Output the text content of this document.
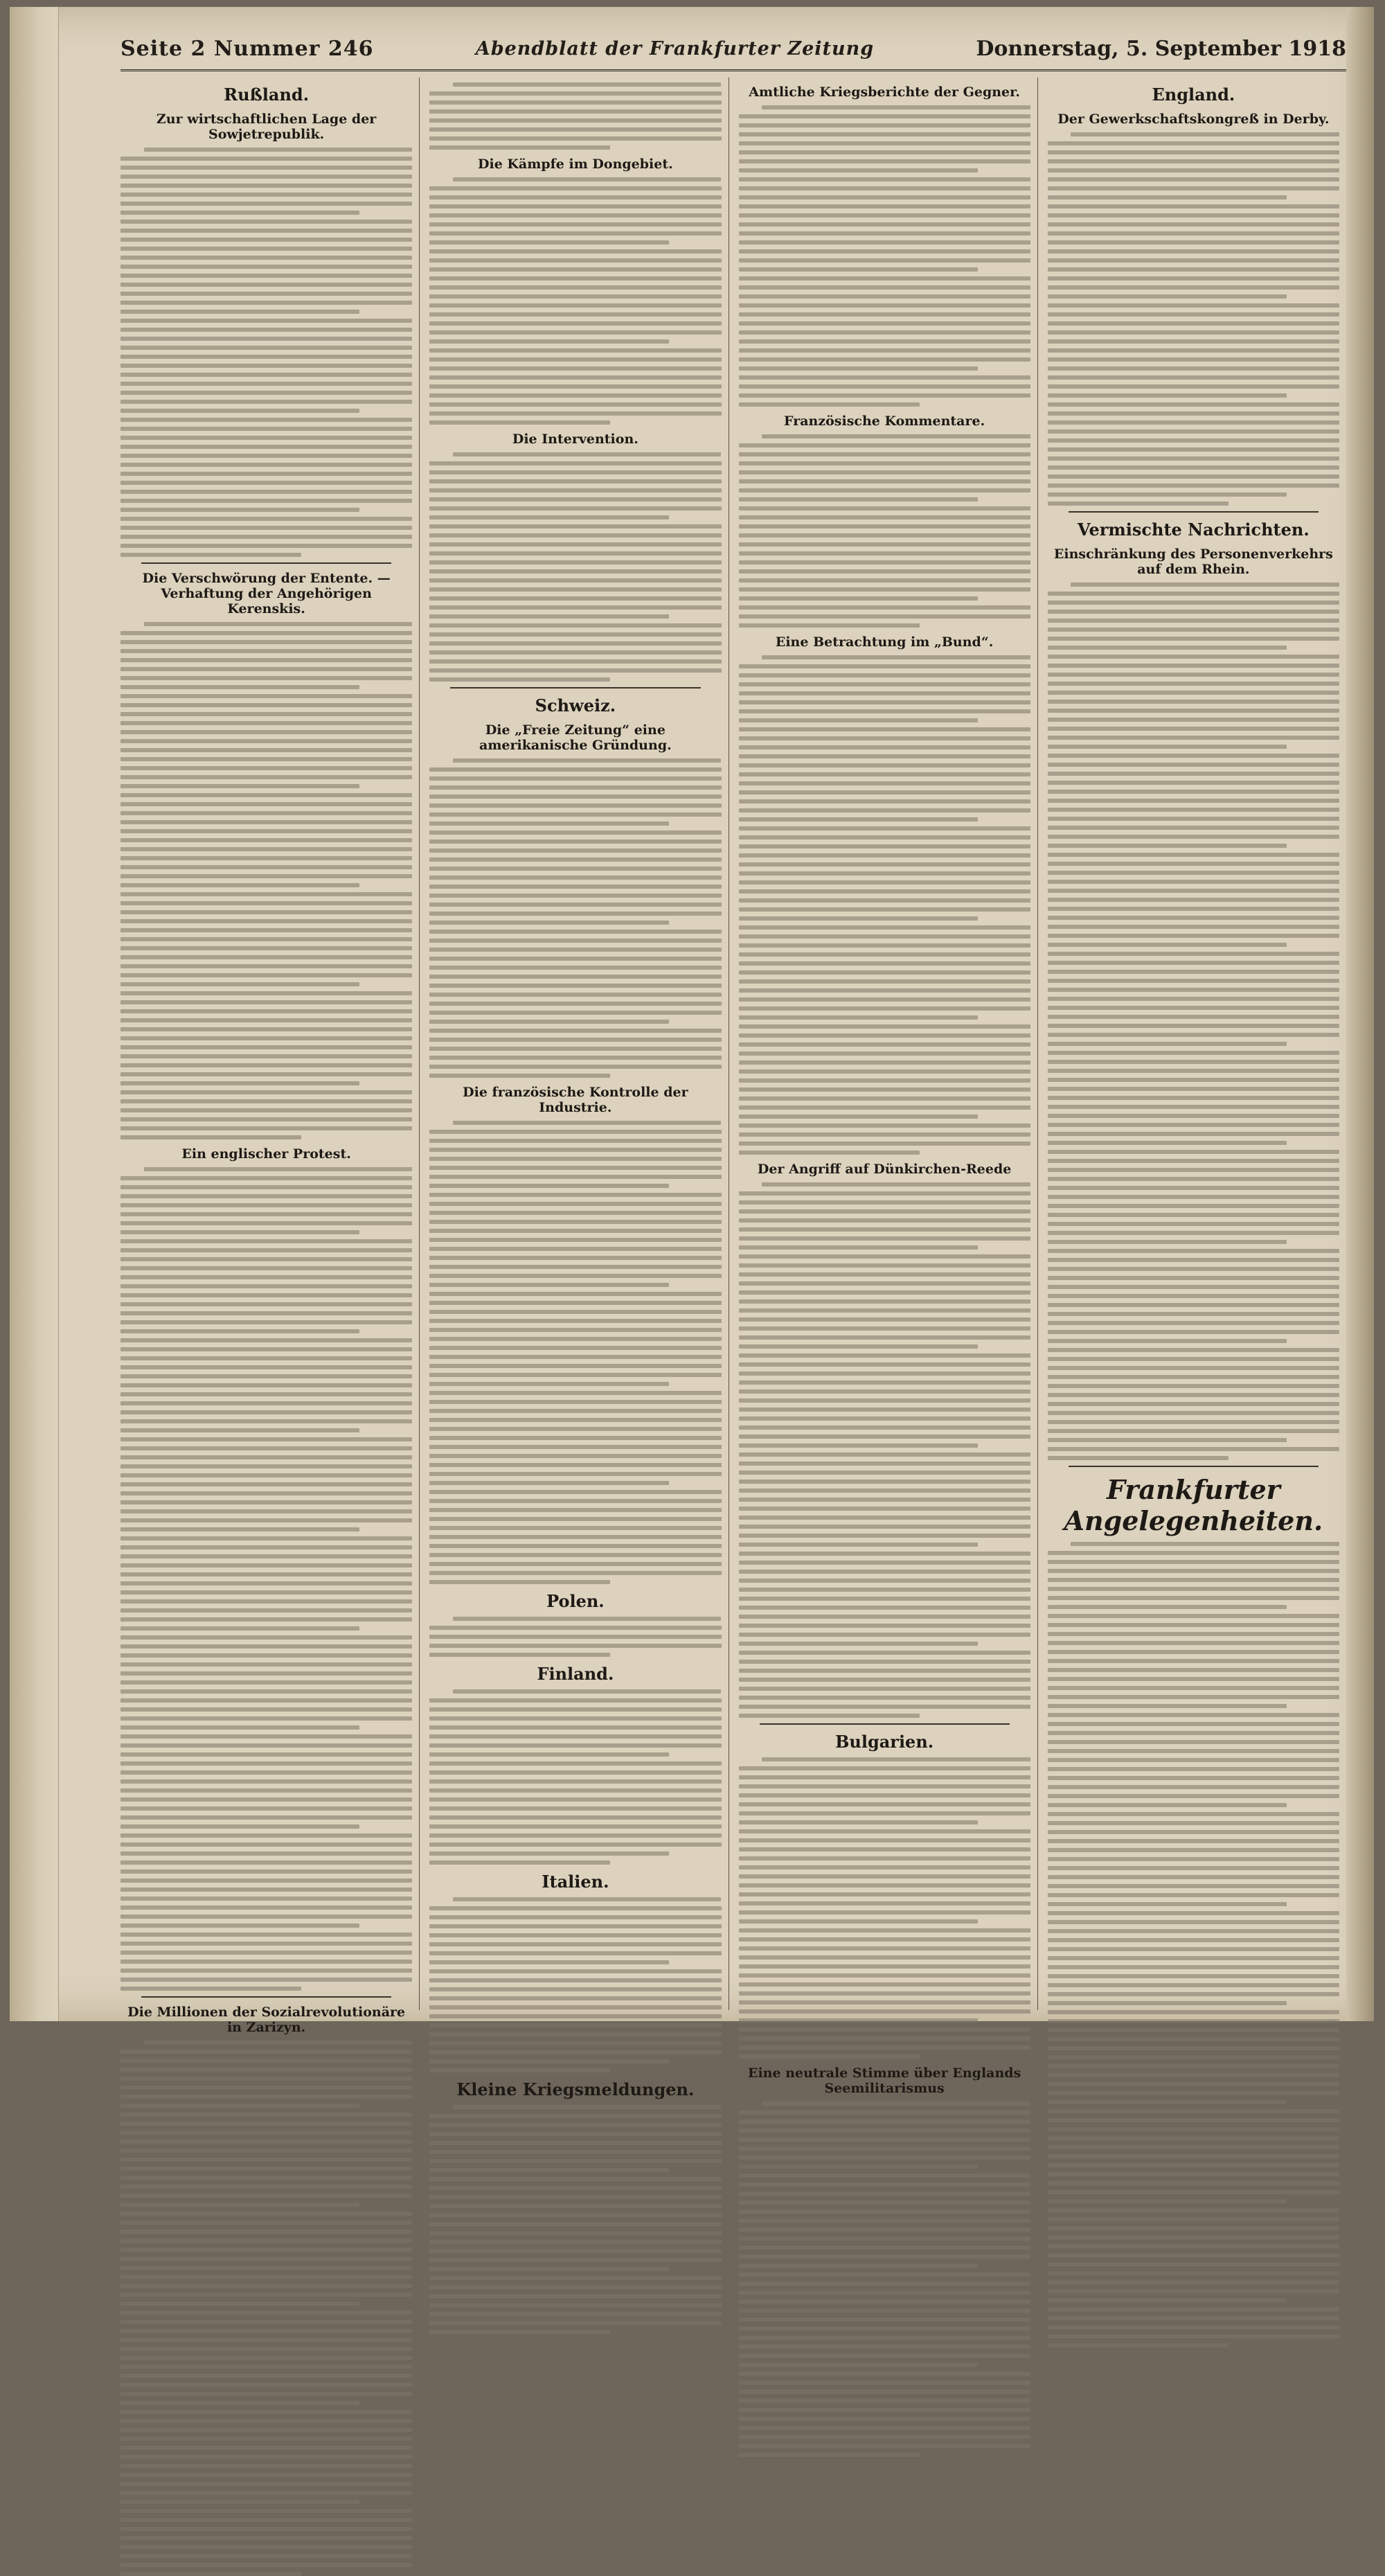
Seite 2 Nummer 246	Abendblatt der Frankfurter Zeitung	Donnerstag, 5. September 1918
Rußland.
Zur wirtschaftlichen Lage der Sowjetrepublik.
Die Verschwörung der Entente. — Verhaftung der Angehörigen Kerenskis.
Ein englischer Protest.
Die Millionen der Sozialrevolutionäre in Zarizyn.
Die Kämpfe im Dongebiet.
Die Intervention.
Schweiz.
Die „Freie Zeitung“ eine amerikanische Gründung.
Die französische Kontrolle der Industrie.
Polen.
Finland.
Italien.
Kleine Kriegsmeldungen.
Amtliche Kriegsberichte der Gegner.
Französische Kommentare.
Eine Betrachtung im „Bund“.
Der Angriff auf Dünkirchen-Reede
Bulgarien.
Eine neutrale Stimme über Englands Seemilitarismus
England.
Der Gewerkschaftskongreß in Derby.
Vermischte Nachrichten.
Einschränkung des Personenverkehrs auf dem Rhein.
Frankfurter Angelegenheiten.
